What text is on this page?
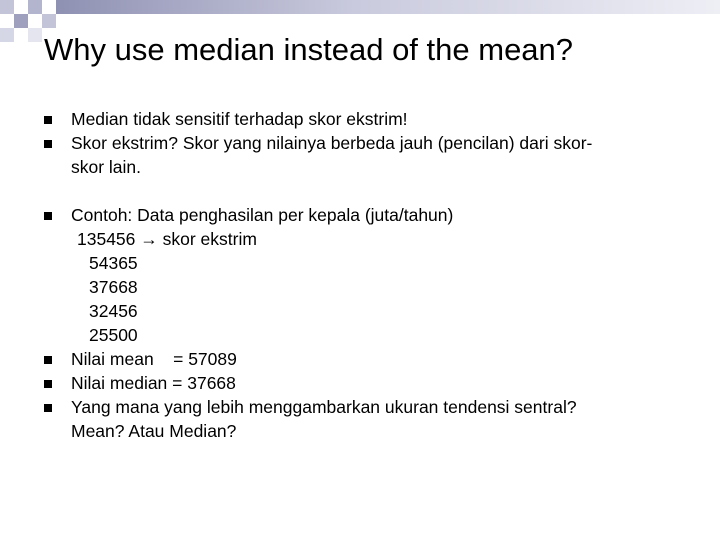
Why use median instead of the mean?
Median tidak sensitif terhadap skor ekstrim!
Skor ekstrim? Skor yang nilainya berbeda jauh (pencilan) dari skor-
skor lain.
Contoh: Data penghasilan per kepala (juta/tahun)
135456 → skor ekstrim
54365
37668
32456
25500
Nilai mean    = 57089
Nilai median = 37668
Yang mana yang lebih menggambarkan ukuran tendensi sentral?
Mean? Atau Median?
